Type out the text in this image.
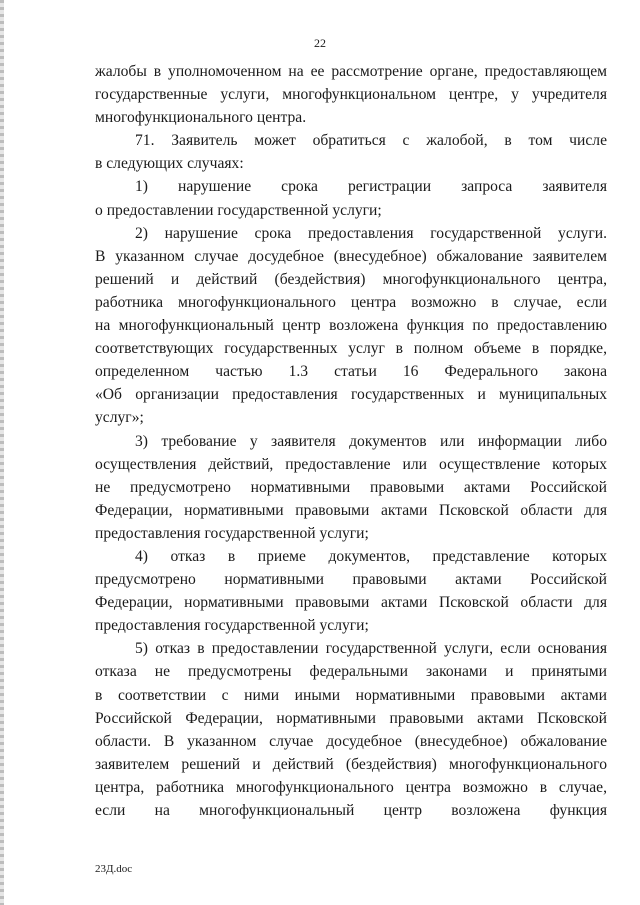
22
жалобы в уполномоченном на ее рассмотрение органе, предоставляющем
государственные услуги, многофункциональном центре, у учредителя
многофункционального центра.
71. Заявитель может обратиться с жалобой, в том числе
в следующих случаях:
1) нарушение срока регистрации запроса заявителя
о предоставлении государственной услуги;
2) нарушение срока предоставления государственной услуги.
В указанном случае досудебное (внесудебное) обжалование заявителем
решений и действий (бездействия) многофункционального центра,
работника многофункционального центра возможно в случае, если
на многофункциональный центр возложена функция по предоставлению
соответствующих государственных услуг в полном объеме в порядке,
определенном частью 1.3 статьи 16 Федерального закона
«Об организации предоставления государственных и муниципальных
услуг»;
3) требование у заявителя документов или информации либо
осуществления действий, предоставление или осуществление которых
не предусмотрено нормативными правовыми актами Российской
Федерации, нормативными правовыми актами Псковской области для
предоставления государственной услуги;
4) отказ в приеме документов, представление которых
предусмотрено нормативными правовыми актами Российской
Федерации, нормативными правовыми актами Псковской области для
предоставления государственной услуги;
5) отказ в предоставлении государственной услуги, если основания
отказа не предусмотрены федеральными законами и принятыми
в соответствии с ними иными нормативными правовыми актами
Российской Федерации, нормативными правовыми актами Псковской
области. В указанном случае досудебное (внесудебное) обжалование
заявителем решений и действий (бездействия) многофункционального
центра, работника многофункционального центра возможно в случае,
если на многофункциональный центр возложена функция
23Д.doc
